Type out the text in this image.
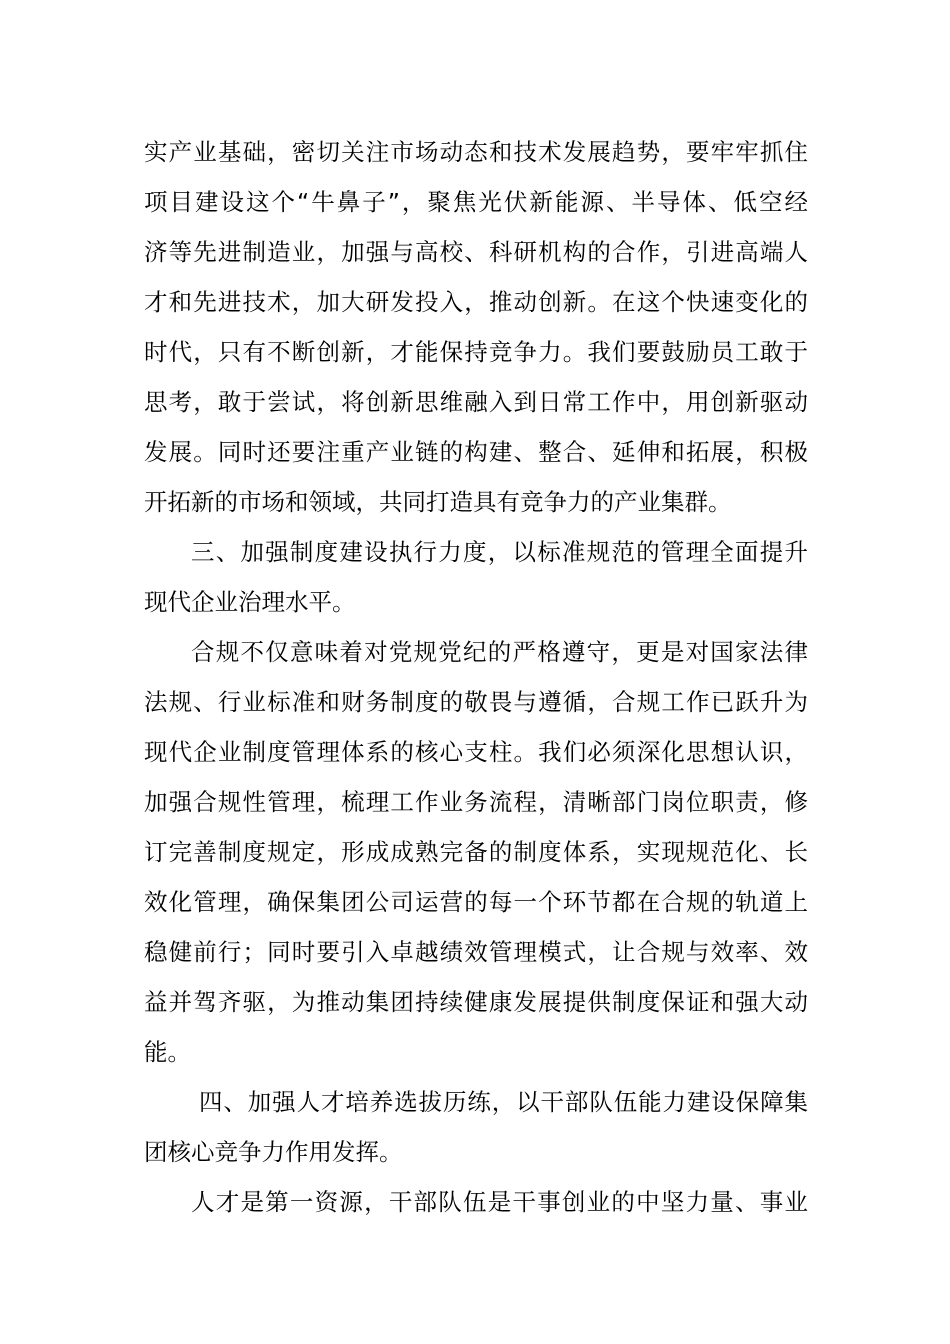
实产业基础，密切关注市场动态和技术发展趋势，要牢牢抓住
项目建设这个“牛鼻子”，聚焦光伏新能源、半导体、低空经
济等先进制造业，加强与高校、科研机构的合作，引进高端人
才和先进技术，加大研发投入，推动创新。在这个快速变化的
时代，只有不断创新，才能保持竞争力。我们要鼓励员工敢于
思考，敢于尝试，将创新思维融入到日常工作中，用创新驱动
发展。同时还要注重产业链的构建、整合、延伸和拓展，积极
开拓新的市场和领域，共同打造具有竞争力的产业集群。
三、加强制度建设执行力度，以标准规范的管理全面提升
现代企业治理水平。
合规不仅意味着对党规党纪的严格遵守，更是对国家法律
法规、行业标准和财务制度的敬畏与遵循，合规工作已跃升为
现代企业制度管理体系的核心支柱。我们必须深化思想认识，
加强合规性管理，梳理工作业务流程，清晰部门岗位职责，修
订完善制度规定，形成成熟完备的制度体系，实现规范化、长
效化管理，确保集团公司运营的每一个环节都在合规的轨道上
稳健前行；同时要引入卓越绩效管理模式，让合规与效率、效
益并驾齐驱，为推动集团持续健康发展提供制度保证和强大动
能。
四、加强人才培养选拔历练，以干部队伍能力建设保障集
团核心竞争力作用发挥。
人才是第一资源，干部队伍是干事创业的中坚力量、事业
